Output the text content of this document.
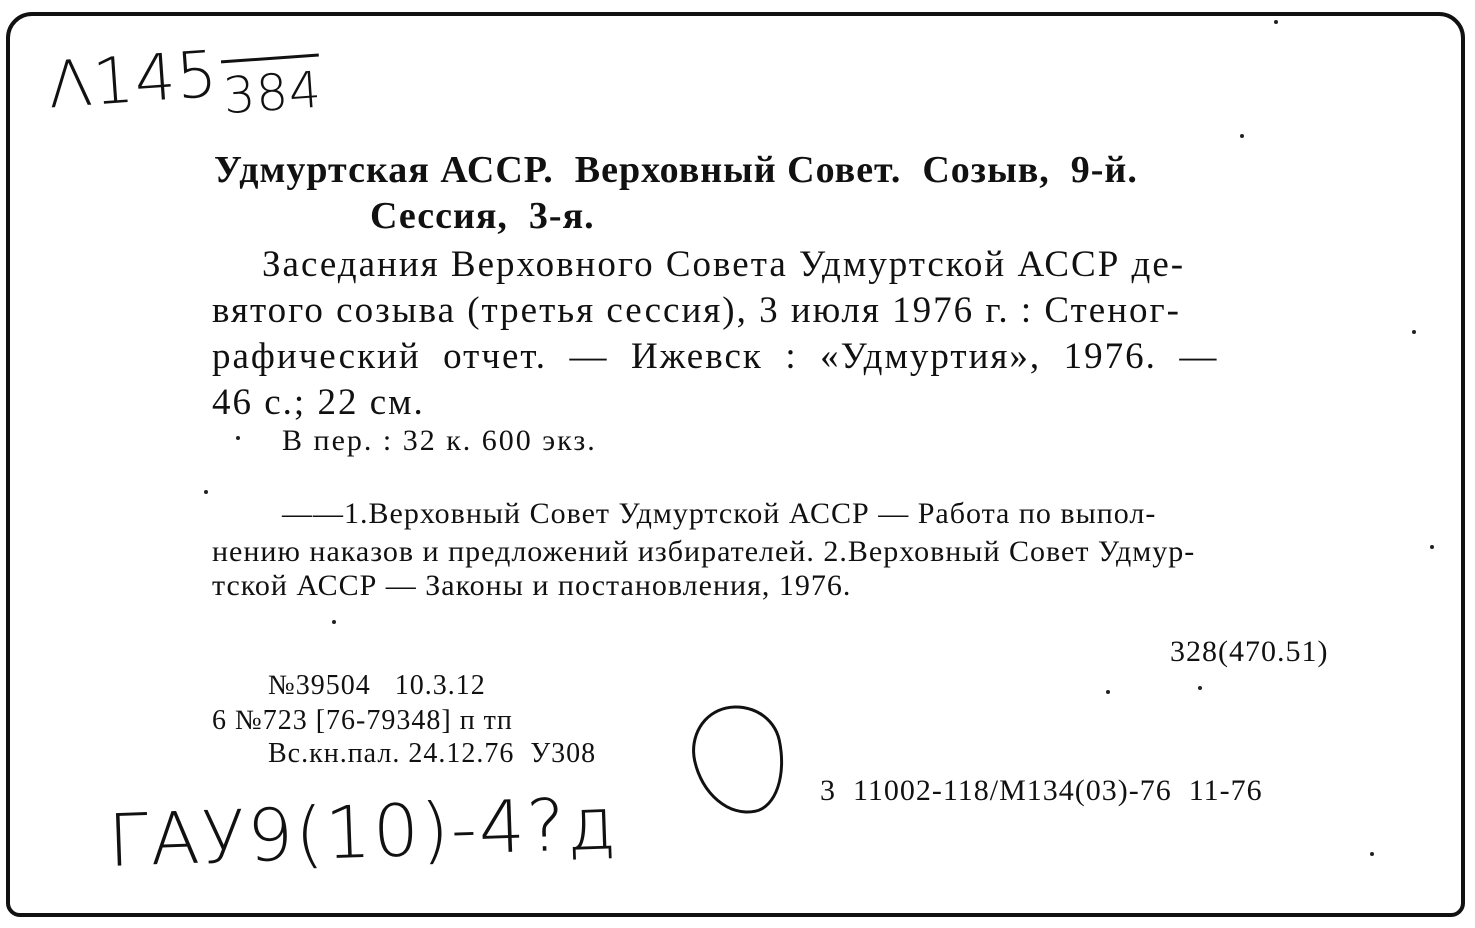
Λ145384
Удмуртская АССР.  Верховный Совет.  Созыв,  9-й.
Сессия,  3-я.
Заседания Верховного Совета Удмуртской АССР де-
вятого созыва (третья сессия), 3 июля 1976 г. : Стеног-
рафический  отчет.  —  Ижевск  :  «Удмуртия»,  1976.  —
46 с.; 22 см.
В пер. : 32 к. 600 экз.
——1.Верховный Совет Удмуртской АССР — Работа по выпол-
нению наказов и предложений избирателей. 2.Верховный Совет Удмур-
тской АССР — Законы и постановления, 1976.
328(470.51)
№39504   10.3.12
6 №723 [76-79348] п тп
Вс.кн.пал. 24.12.76  У308
3  11002-118/М134(03)-76  11-76
ГАУ9(10)-4?д
